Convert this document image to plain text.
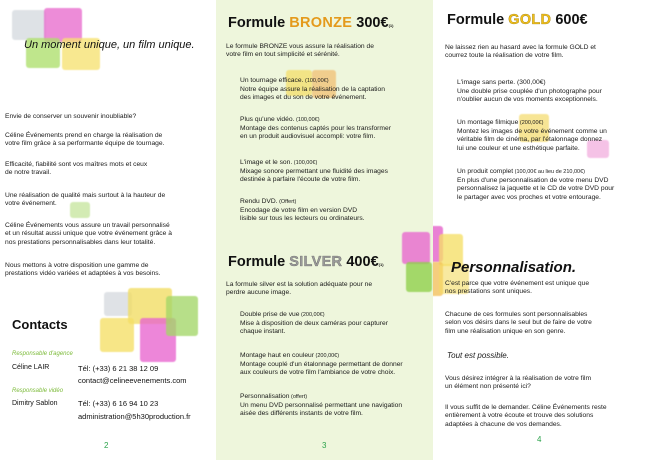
Un moment unique, un film unique.
Envie de conserver un souvenir inoubliable?
Céline Événements prend en charge la réalisation de
votre film grâce à sa performante équipe de tournage.
Efficacité, fiabilité sont vos maîtres mots et ceux
de notre travail.
Une réalisation de qualité mais surtout à la hauteur de
votre événement.
Céline Événements vous assure un travail personnalisé
et un résultat aussi unique que votre événement grâce à
nos prestations personnalisables dans leur totalité.
Nous mettons à votre disposition une gamme de
prestations vidéo variées et adaptées à vos besoins.
Contacts
Responsable d'agence
Céline LAIR	Tél: (+33) 6 21 38 12 09
contact@celineevenements.com
Responsable vidéo
Dimitry Sablon	Tél: (+33) 6 16 94 10 23
administration@5h30production.fr
2
Formule BRONZE 300€(1)
Le formule BRONZE vous assure la réalisation de
votre film en tout simplicité et sérénité.
Un tournage efficace. (100,00€)
Notre équipe assure la réalisation de la captation
des images et du son de votre événement.
Plus qu'une vidéo. (100,00€)
Montage des contenus captés pour les transformer
en un produit audiovisuel accompli: votre film.
L'image et le son. (100,00€)
Mixage sonore permettant une fluidité des images
destinée à parfaire l'écoute de votre film.
Rendu DVD. (Offert)
Encodage de votre film en version DVD
lisible sur tous les lecteurs ou ordinateurs.
Formule SILVER 400€(1)
La formule silver est la solution adéquate pour ne
perdre aucune image.
Double prise de vue (200,00€)
Mise à disposition de deux caméras pour capturer
chaque instant.
Montage haut en couleur (200,00€)
Montage couplé d'un étalonnage permettant de donner
aux couleurs de votre film l'ambiance de votre choix.
Personnalisation (offert)
Un menu DVD personnalisé permettant une navigation
aisée des différents instants de votre film.
3
Formule GOLD 600€
Ne laissez rien au hasard avec la formule GOLD et
courrez toute la réalisation de votre film.
L'image sans perte. (300,00€)
Une double prise couplée d'un photographe pour
n'oublier aucun de vos moments exceptionnels.
Un montage filmique (200,00€)
Montez les images de votre événement comme un
véritable film de cinéma, par l'étalonnage donnez
lui une couleur et une esthétique parfaite.
Un produit complet (100,00€ au lieu de 210,00€)
En plus d'une personnalisation de votre menu DVD
personnalisez la jaquette et le CD de votre DVD pour
le partager avec vos proches et votre entourage.
Personnalisation.
C'est parce que votre événement est unique que
nos prestations sont uniques.
Chacune de ces formules sont personnalisables
selon vos désirs dans le seul but de faire de votre
film une réalisation unique en son genre.
Tout est possible.
Vous désirez intégrer à la réalisation de votre film
un élément non présenté ici?
Il vous suffit de le demander. Céline Événements reste
entièrement à votre écoute et trouve des solutions
adaptées à chacune de vos demandes.
4
